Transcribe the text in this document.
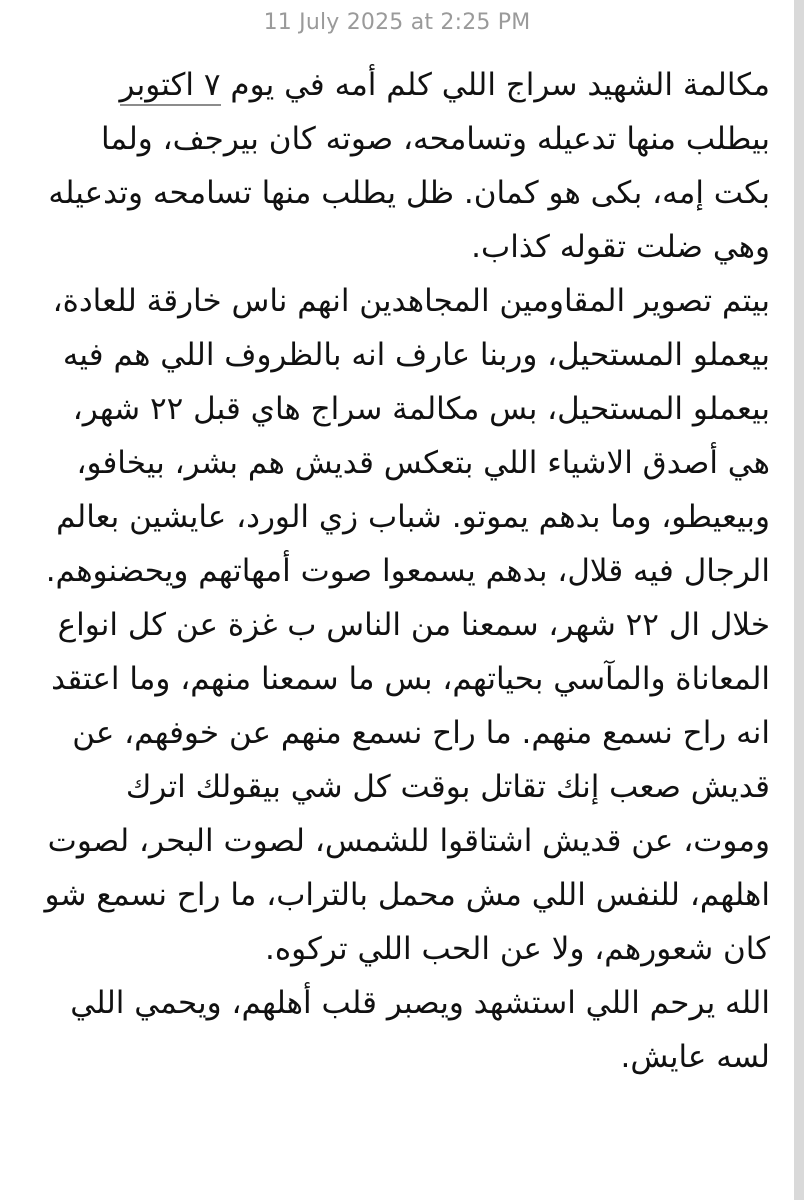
11 July 2025 at 2:25 PM

مكالمة الشهيد سراج اللي كلم أمه في يوم ٧ اكتوبر بيطلب منها تدعيله وتسامحه، صوته كان بيرجف، ولما بكت إمه، بكى هو كمان. ظل يطلب منها تسامحه وتدعيله وهي ضلت تقوله كذاب.

بيتم تصوير المقاومين المجاهدين انهم ناس خارقة للعادة، بيعملو المستحيل، وربنا عارف انه بالظروف اللي هم فيه بيعملو المستحيل، بس مكالمة سراج هاي قبل ٢٢ شهر، هي أصدق الاشياء اللي بتعكس قديش هم بشر، بيخافو، وبيعيطو، وما بدهم يموتو. شباب زي الورد، عايشين بعالم الرجال فيه قلال، بدهم يسمعوا صوت أمهاتهم ويحضنوهم.

خلال ال ٢٢ شهر، سمعنا من الناس ب غزة عن كل انواع المعاناة والمآسي بحياتهم، بس ما سمعنا منهم، وما اعتقد انه راح نسمع منهم. ما راح نسمع منهم عن خوفهم، عن قديش صعب إنك تقاتل بوقت كل شي بيقولك اترك وموت، عن قديش اشتاقوا للشمس، لصوت البحر، لصوت اهلهم، للنفس اللي مش محمل بالتراب، ما راح نسمع شو كان شعورهم، ولا عن الحب اللي تركوه.

الله يرحم اللي استشهد ويصبر قلب أهلهم، ويحمي اللي لسه عايش.
